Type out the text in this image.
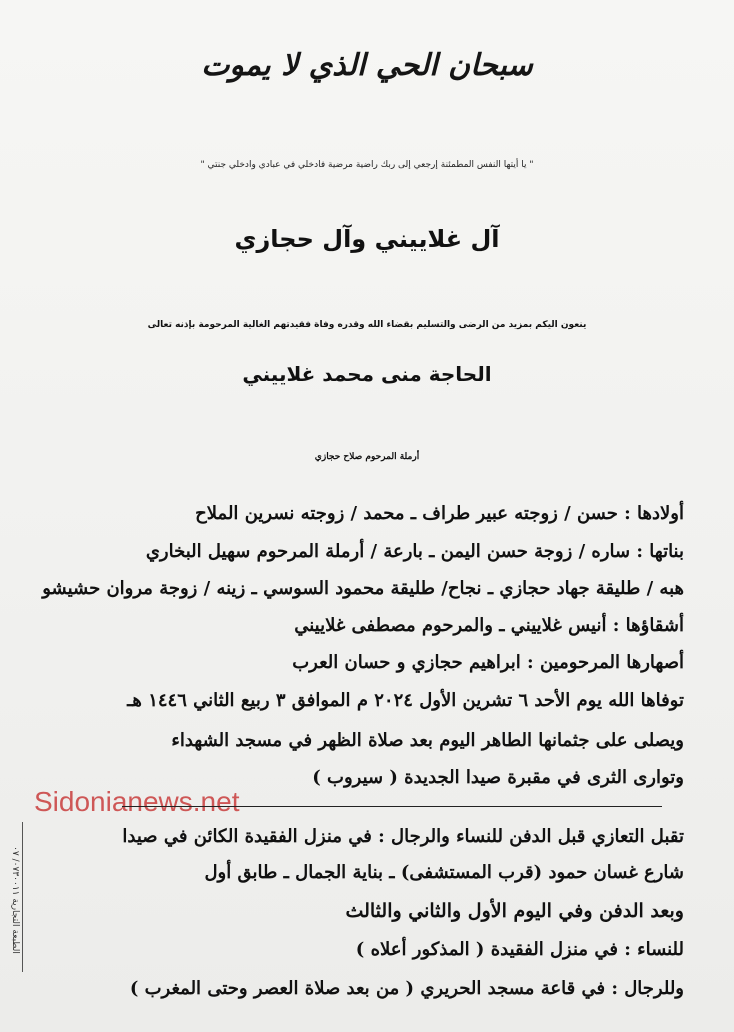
سبحان الحي الذي لا يموت
" يا أيتها النفس المطمئنة إرجعي إلى ربك راضية مرضية فادخلي في عبادي وادخلي جنتي "
آل غلاييني وآل حجازي
ينعون اليكم بمزيد من الرضى والتسليم بقضاء الله وقدره وفاة فقيدتهم الغالية المرحومة بإذنه تعالى
الحاجة منى محمد غلاييني
أرملة المرحوم صلاح حجازي
أولادها : حسن / زوجته عبير طراف ـ محمد / زوجته نسرين الملاح
بناتها : ساره / زوجة حسن اليمن ـ بارعة / أرملة المرحوم سهيل البخاري
هبه / طليقة جهاد حجازي ـ نجاح/ طليقة محمود السوسي ـ زينه / زوجة مروان حشيشو
أشقاؤها : أنيس غلاييني ـ والمرحوم مصطفى غلاييني
أصهارها المرحومين : ابراهيم حجازي و حسان العرب
توفاها الله يوم الأحد ٦ تشرين الأول ٢٠٢٤ م الموافق ٣ ربيع الثاني ١٤٤٦ هـ
ويصلى على جثمانها الطاهر اليوم بعد صلاة الظهر في مسجد الشهداء
وتوارى الثرى في مقبرة صيدا الجديدة ( سيروب )
Sidonianews.net
تقبل التعازي قبل الدفن للنساء والرجال : في منزل الفقيدة الكائن في صيدا
شارع غسان حمود (قرب المستشفى) ـ بناية الجمال ـ طابق أول
وبعد الدفن وفي اليوم الأول والثاني والثالث
للنساء : في منزل الفقيدة ( المذكور أعلاه )
وللرجال : في قاعة مسجد الحريري ( من بعد صلاة العصر وحتى المغرب )
الطبعة التجارية ٠٧٣٠٠١١/ ٠٧
